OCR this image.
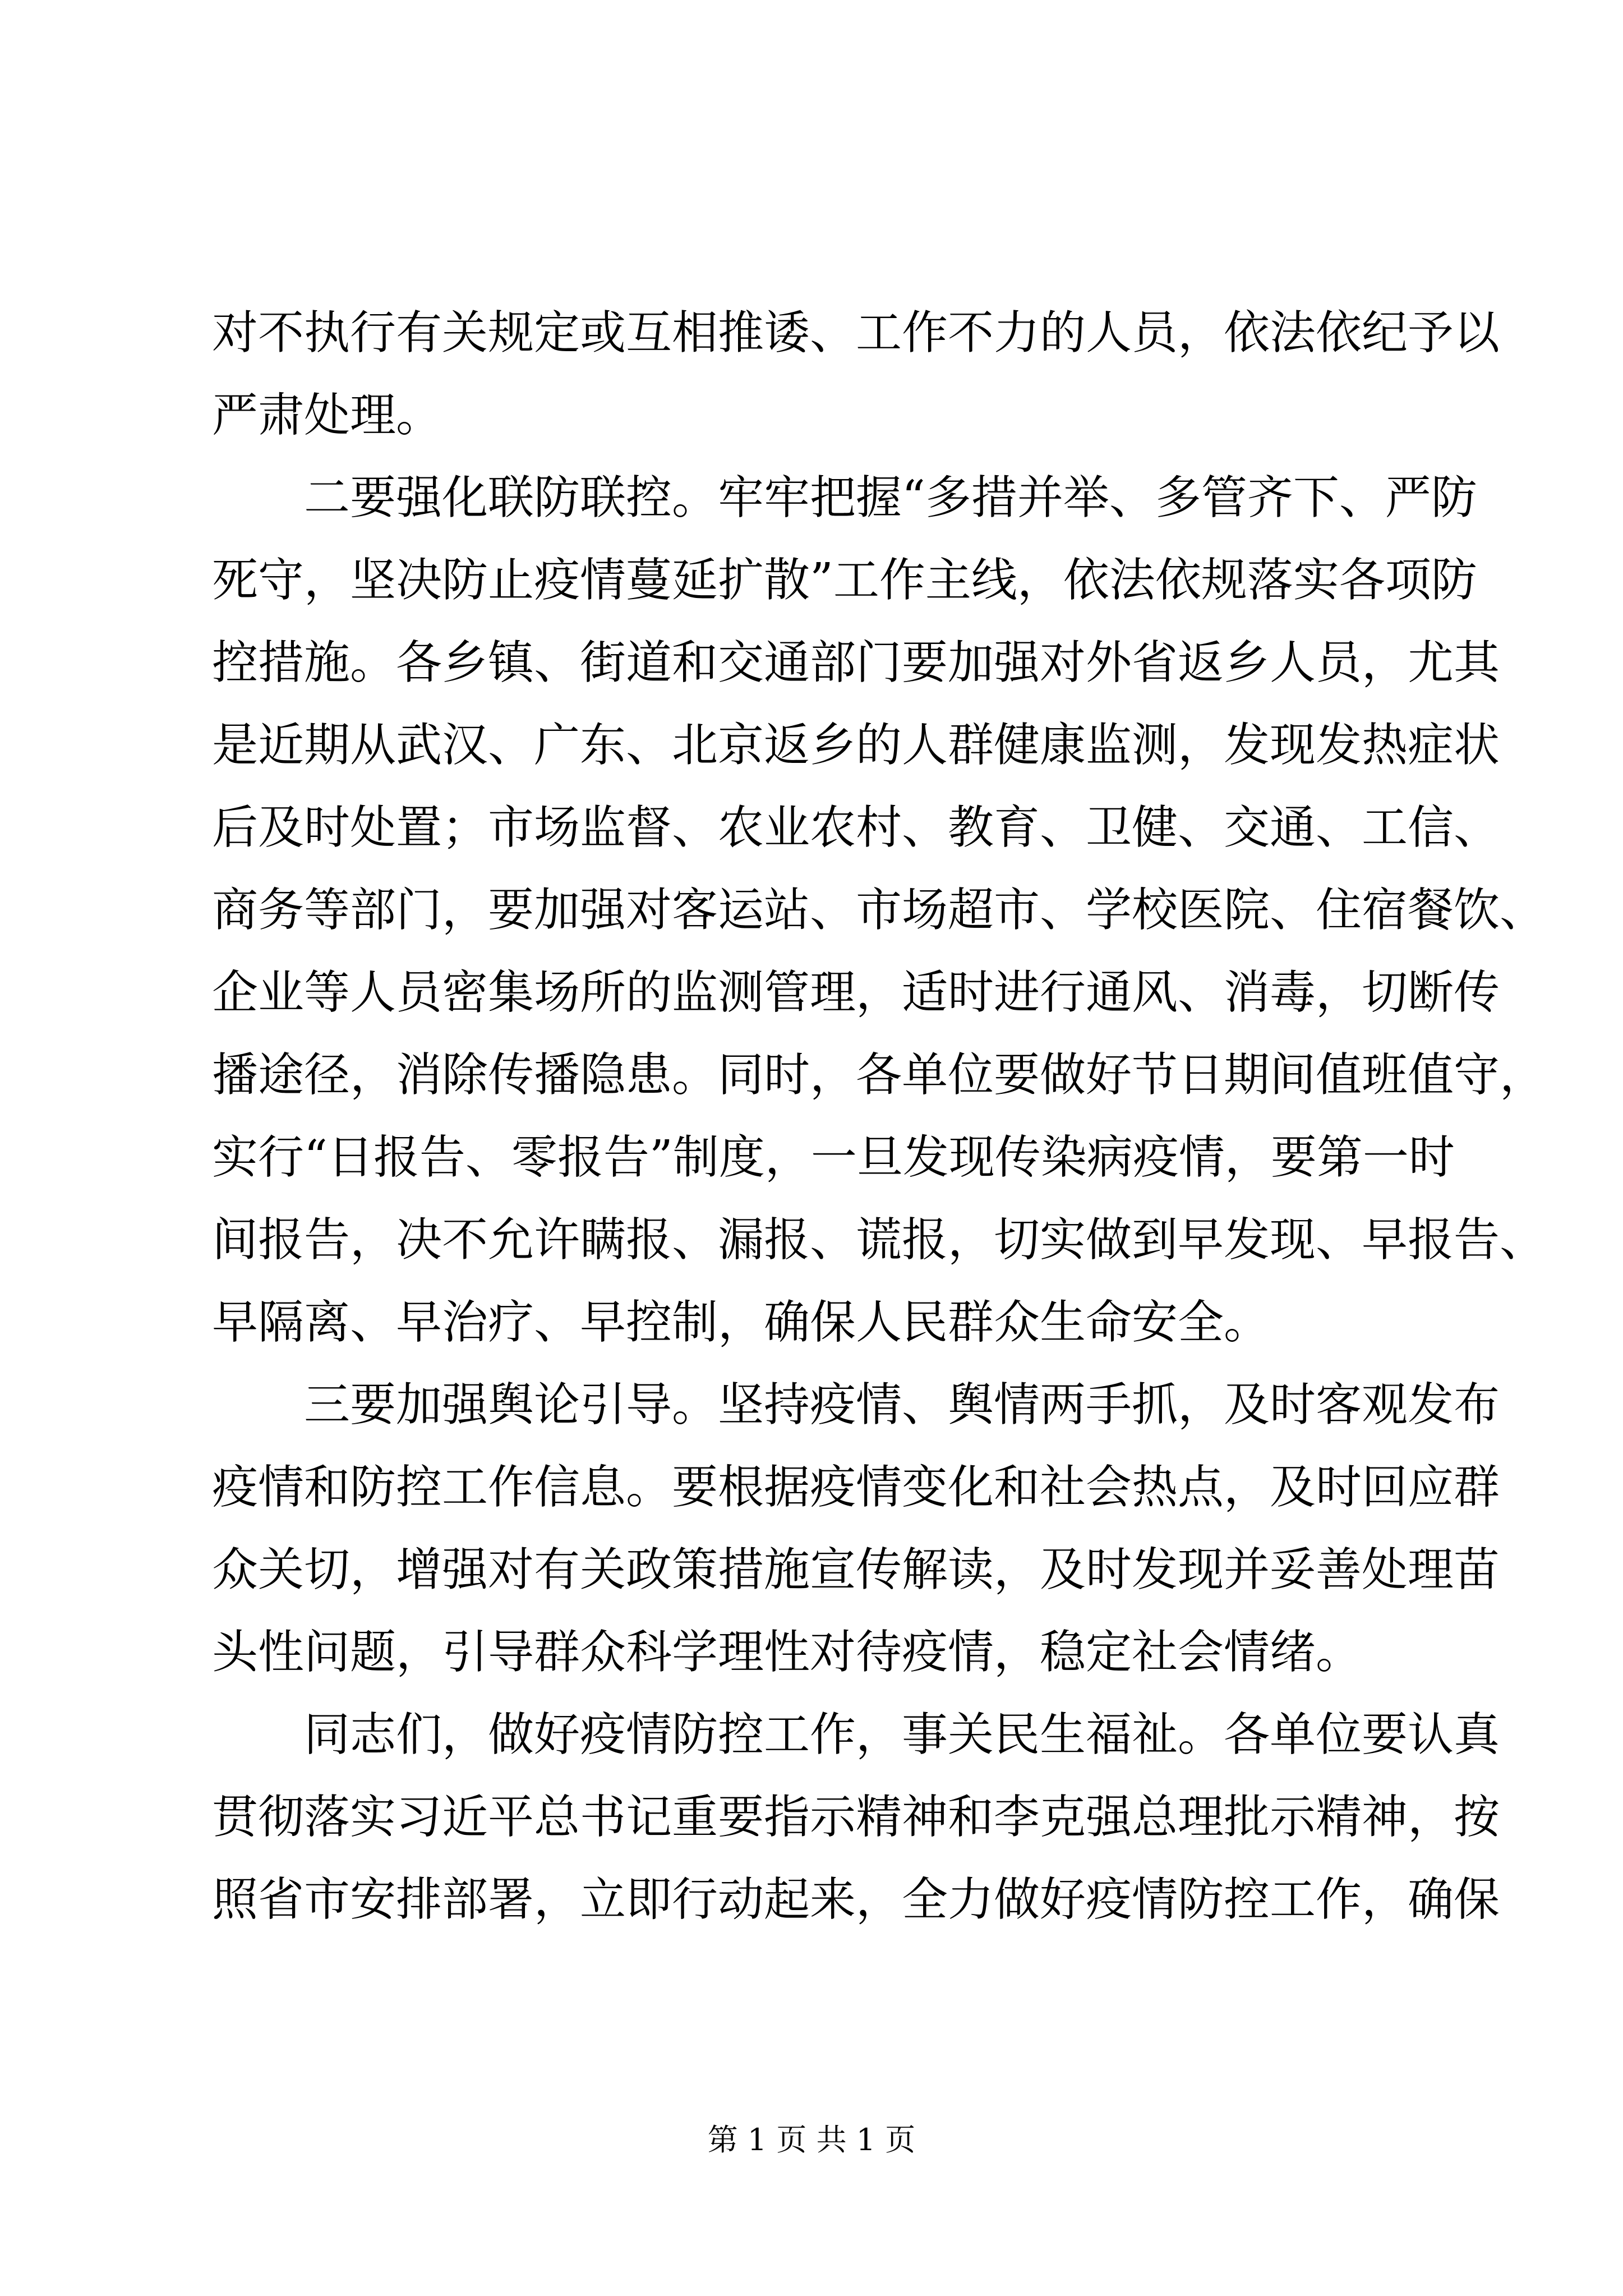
对不执行有关规定或互相推诿、工作不力的人员，依法依纪予以
严肃处理。
二要强化联防联控。牢牢把握“多措并举、多管齐下、严防
死守，坚决防止疫情蔓延扩散”工作主线，依法依规落实各项防
控措施。各乡镇、街道和交通部门要加强对外省返乡人员，尤其
是近期从武汉、广东、北京返乡的人群健康监测，发现发热症状
后及时处置；市场监督、农业农村、教育、卫健、交通、工信、
商务等部门，要加强对客运站、市场超市、学校医院、住宿餐饮、
企业等人员密集场所的监测管理，适时进行通风、消毒，切断传
播途径，消除传播隐患。同时，各单位要做好节日期间值班值守，
实行“日报告、零报告”制度，一旦发现传染病疫情，要第一时
间报告，决不允许瞒报、漏报、谎报，切实做到早发现、早报告、
早隔离、早治疗、早控制，确保人民群众生命安全。
三要加强舆论引导。坚持疫情、舆情两手抓，及时客观发布
疫情和防控工作信息。要根据疫情变化和社会热点，及时回应群
众关切，增强对有关政策措施宣传解读，及时发现并妥善处理苗
头性问题，引导群众科学理性对待疫情，稳定社会情绪。
同志们，做好疫情防控工作，事关民生福祉。各单位要认真
贯彻落实习近平总书记重要指示精神和李克强总理批示精神，按
照省市安排部署，立即行动起来，全力做好疫情防控工作，确保
第 1 页 共 1 页
